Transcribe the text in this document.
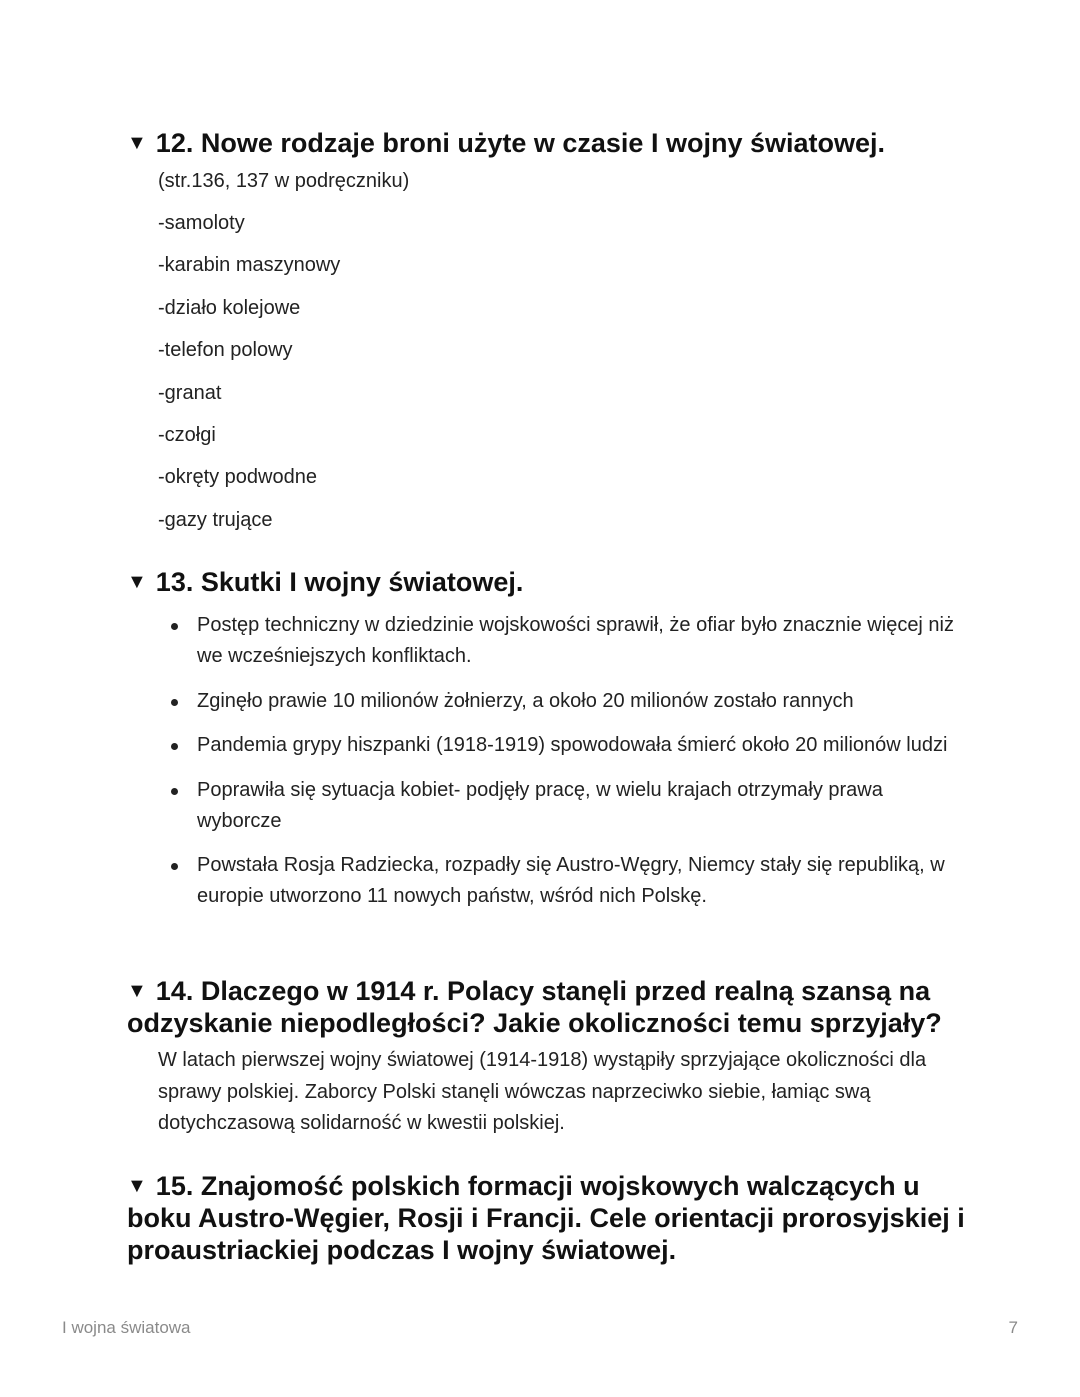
▼ 12. Nowe rodzaje broni użyte w czasie I wojny światowej.
(str.136, 137 w podręczniku)
-samoloty
-karabin maszynowy
-działo kolejowe
-telefon polowy
-granat
-czołgi
-okręty podwodne
-gazy trujące
▼ 13. Skutki I wojny światowej.
Postęp techniczny w dziedzinie wojskowości sprawił, że ofiar było znacznie więcej niż we wcześniejszych konfliktach.
Zginęło prawie 10 milionów żołnierzy, a około 20 milionów zostało rannych
Pandemia grypy hiszpanki (1918-1919) spowodowała śmierć około 20 milionów ludzi
Poprawiła się sytuacja kobiet- podjęły pracę, w wielu krajach otrzymały prawa wyborcze
Powstała Rosja Radziecka, rozpadły się Austro-Węgry, Niemcy stały się republiką, w europie utworzono 11 nowych państw, wśród nich Polskę.
▼ 14. Dlaczego w 1914 r. Polacy stanęli przed realną szansą na odzyskanie niepodległości? Jakie okoliczności temu sprzyjały?

W latach pierwszej wojny światowej (1914-1918) wystąpiły sprzyjające okoliczności dla sprawy polskiej. Zaborcy Polski stanęli wówczas naprzeciwko siebie, łamiąc swą dotychczasową solidarność w kwestii polskiej.

▼ 15. Znajomość polskich formacji wojskowych walczących u boku Austro-Węgier, Rosji i Francji. Cele orientacji prorosyjskiej i proaustriackiej podczas I wojny światowej.
I wojna światowa	7
